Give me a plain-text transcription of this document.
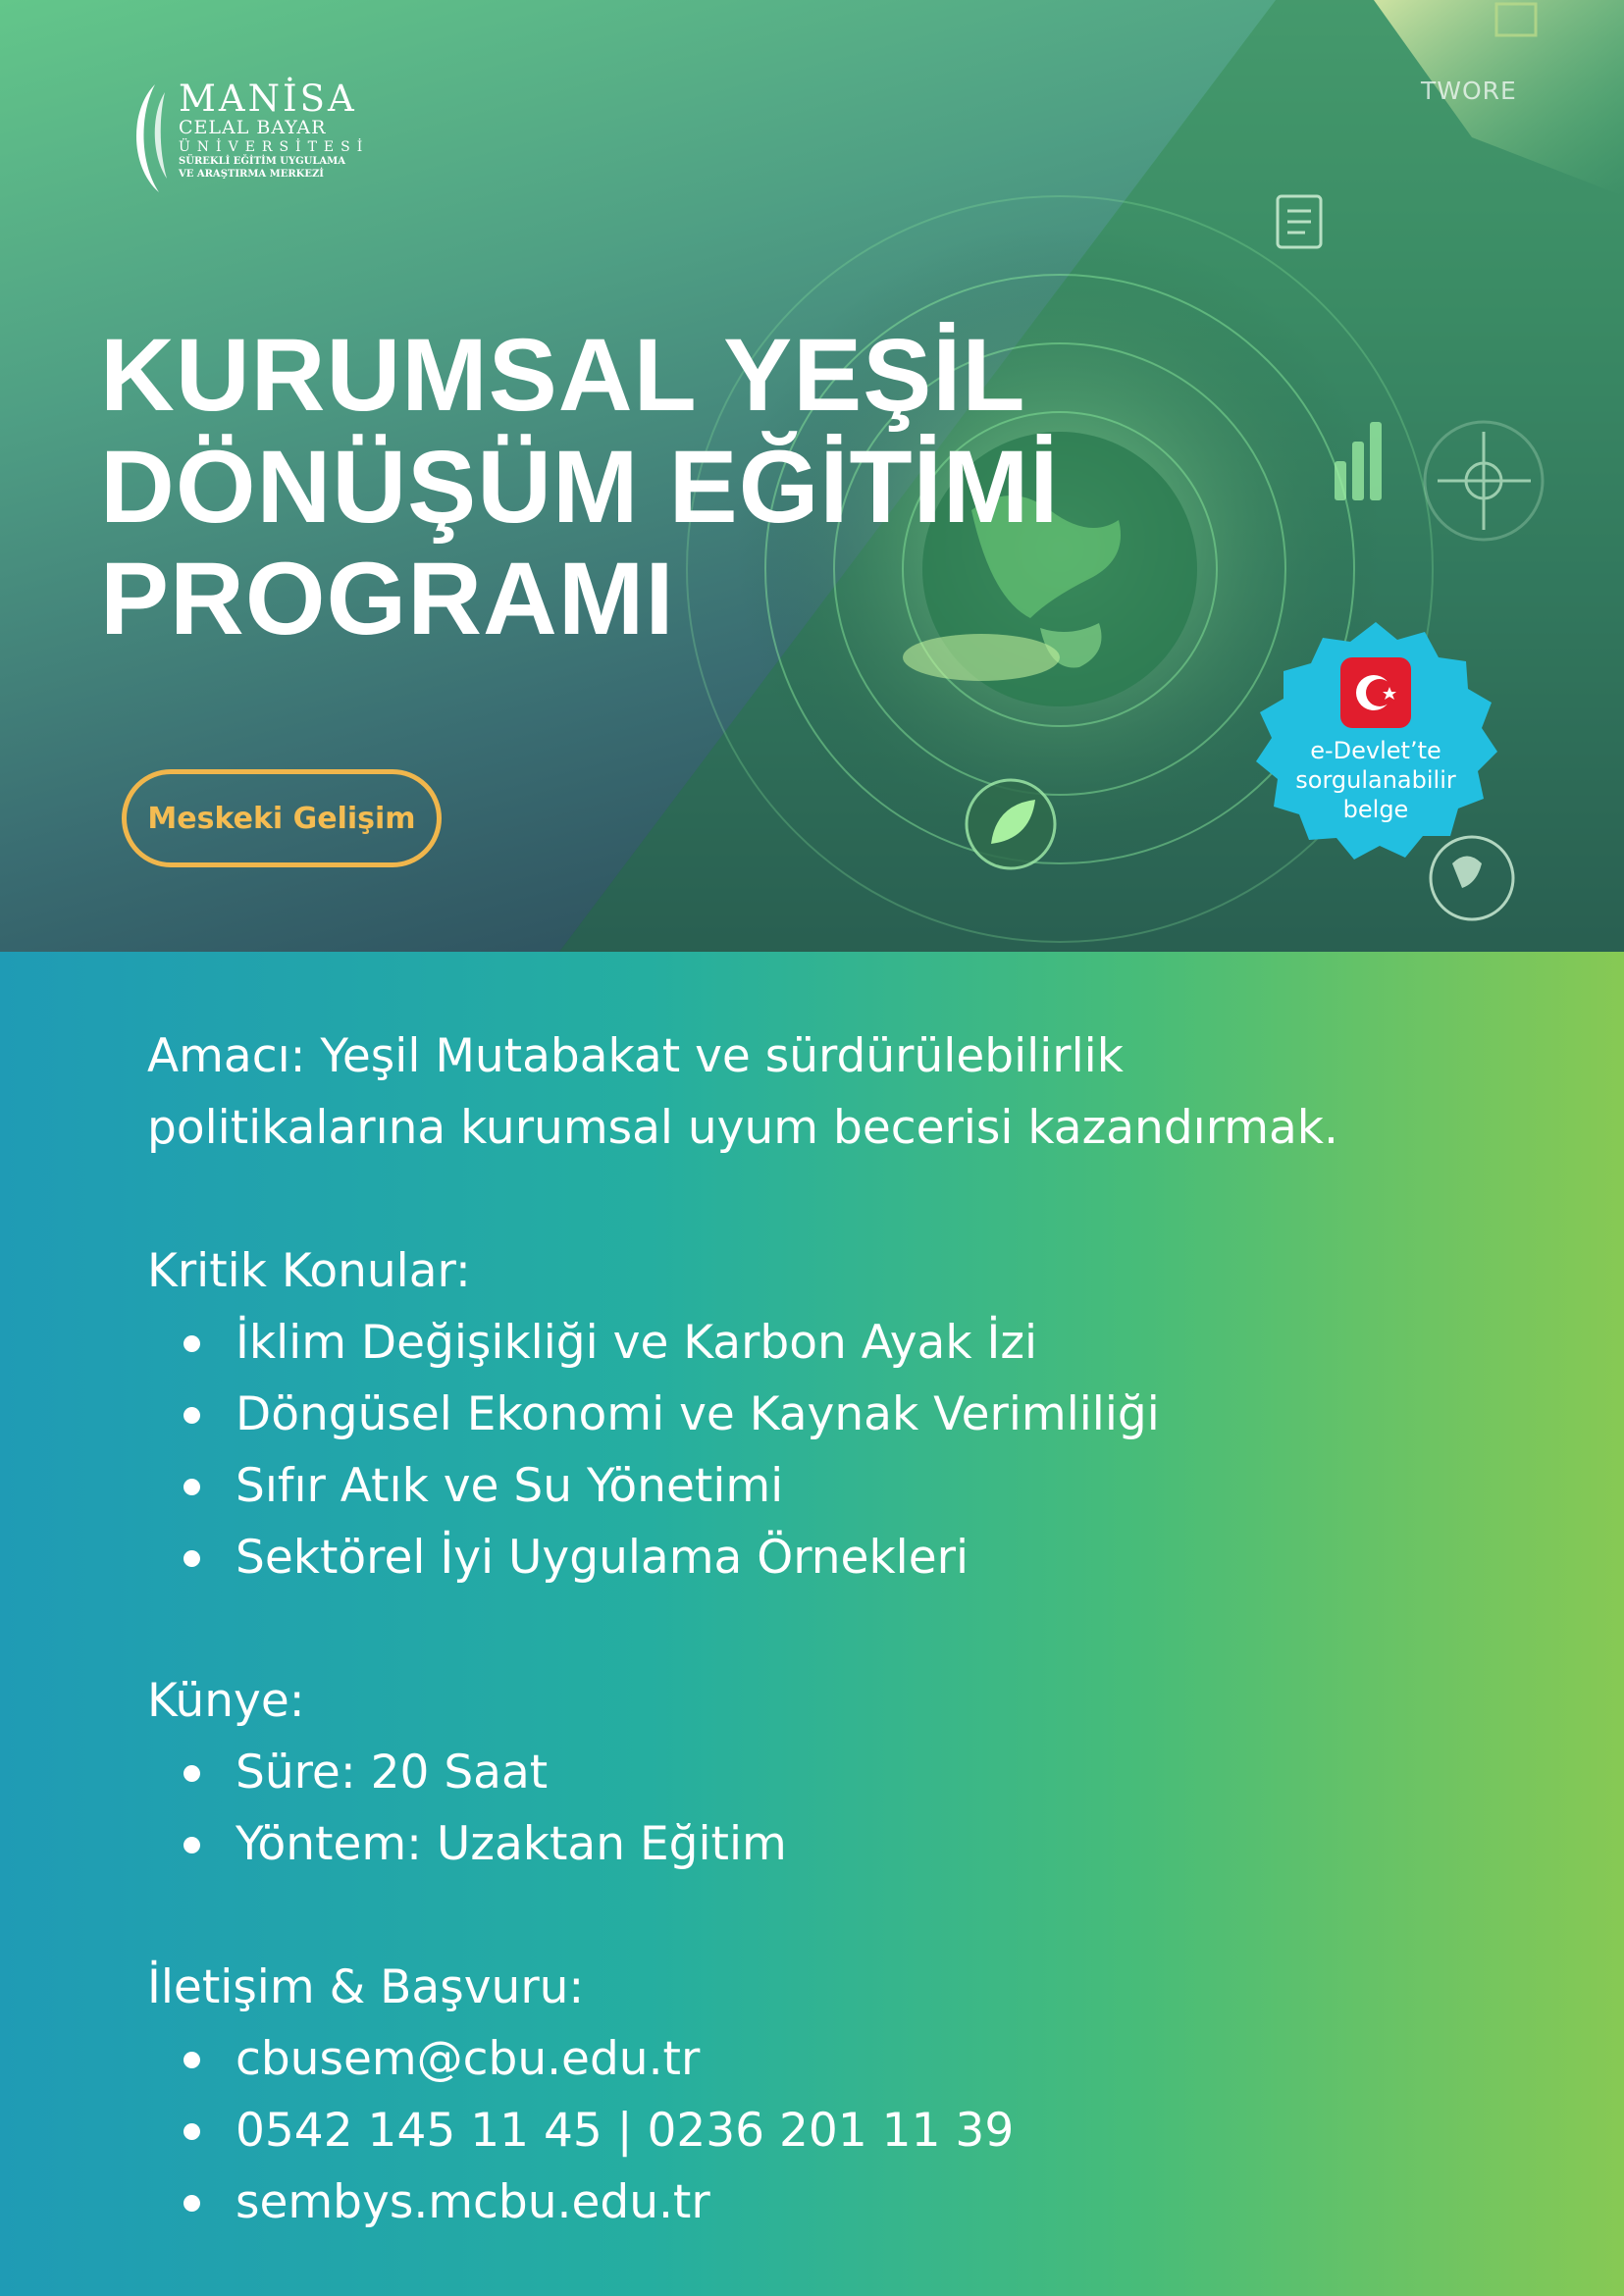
MANİSA
CELAL BAYAR
ÜNİVERSİTESİ
SÜREKLİ EĞİTİM UYGULAMA
VE ARAŞTIRMA MERKEZİ
TWORE
KURUMSAL YEŞİL
DÖNÜŞÜM EĞİTİMİ
PROGRAMI
Meskeki Gelişim
e-Devlet’te
sorgulanabilir
belge

Amacı: Yeşil Mutabakat ve sürdürülebilirlik

politikalarına kurumsal uyum becerisi kazandırmak.

Kritik Konular:

İklim Değişikliği ve Karbon Ayak İzi
Döngüsel Ekonomi ve Kaynak Verimliliği
Sıfır Atık ve Su Yönetimi
Sektörel İyi Uygulama Örnekleri

Künye:

Süre: 20 Saat
Yöntem: Uzaktan Eğitim

İletişim & Başvuru:

cbusem@cbu.edu.tr
0542 145 11 45 | 0236 201 11 39
sembys.mcbu.edu.tr
